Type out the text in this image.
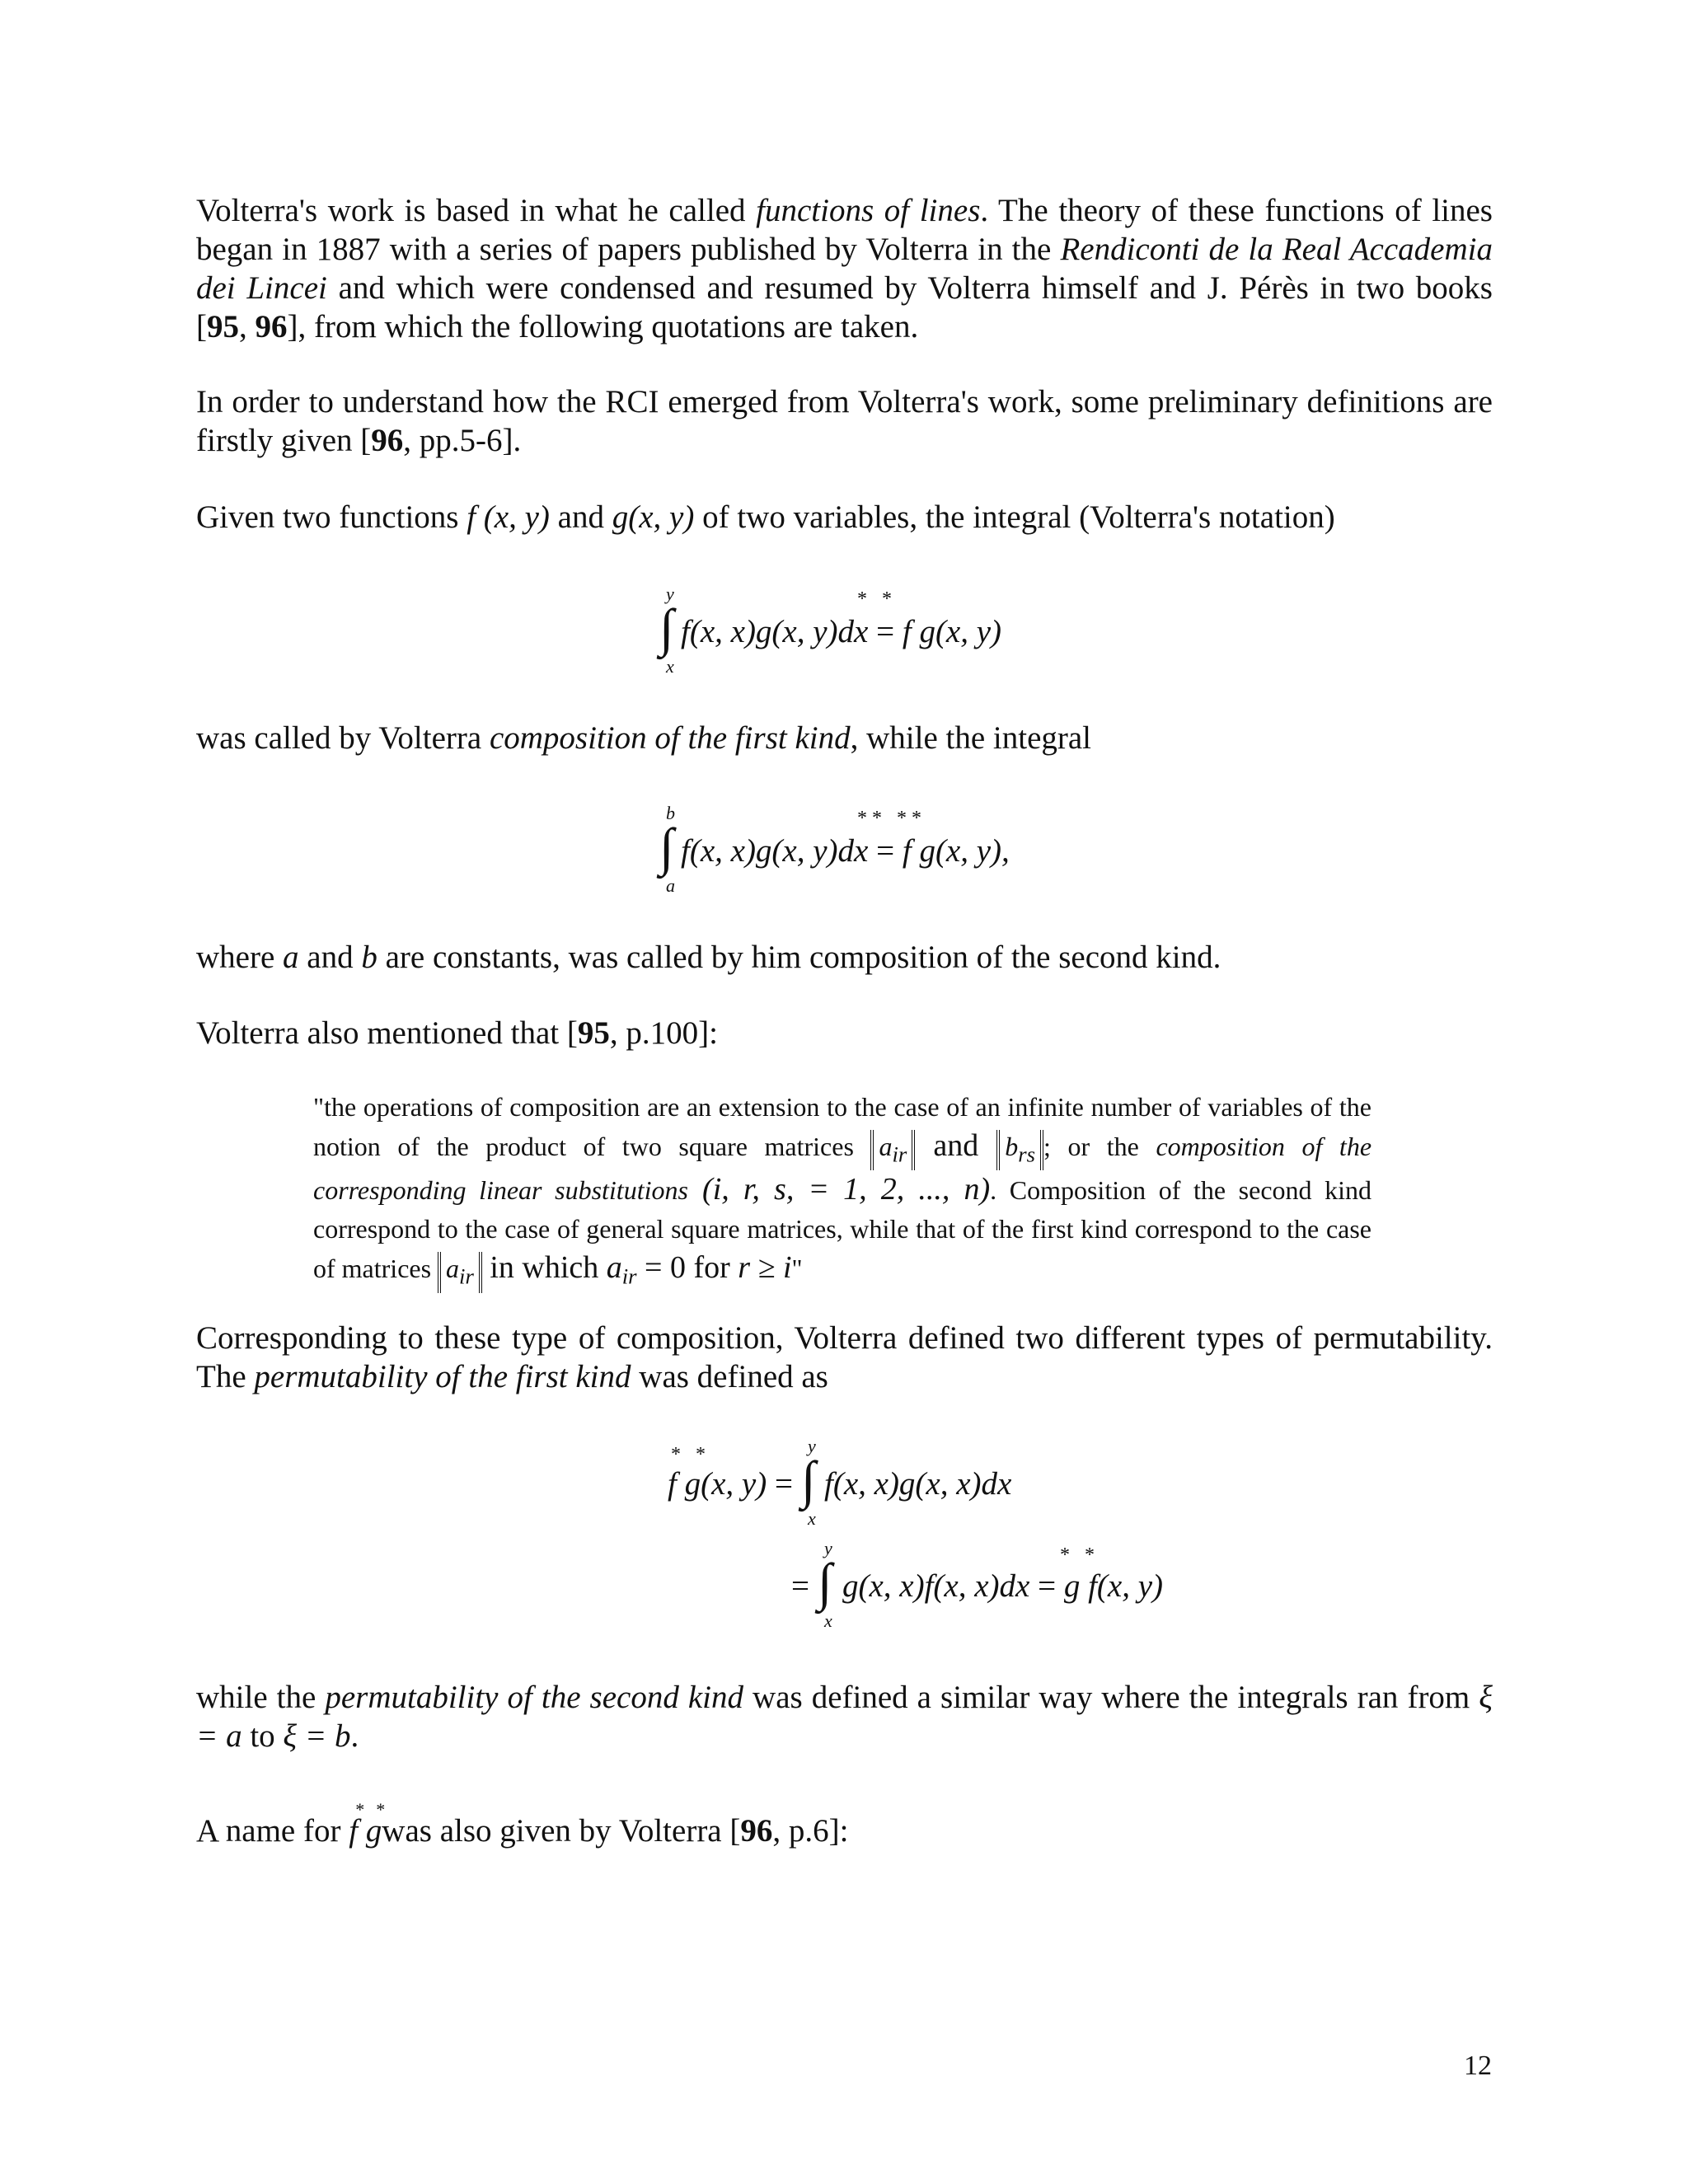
Volterra's work is based in what he called functions of lines. The theory of these functions of lines began in 1887 with a series of papers published by Volterra in the Rendiconti de la Real Accademia dei Lincei and which were condensed and resumed by Volterra himself and J. Pérès in two books [95, 96], from which the following quotations are taken.

In order to understand how the RCI emerged from Volterra's work, some preliminary definitions are firstly given [96, pp.5-6].

Given two functions f (x, y) and g(x, y) of two variables, the integral (Volterra's notation)

y
∫
x
* *
f(x, x)g(x, y)dx = f g(x, y)

was called by Volterra composition of the first kind, while the integral

b
∫
a
** **
f(x, x)g(x, y)dx = f g(x, y),

where a and b are constants, was called by him composition of the second kind.

Volterra also mentioned that [95, p.100]:

"the operations of composition are an extension to the case of an infinite number of variables of the notion of the product of two square matrices $a_{ir}$ and $b_{rs}$ ; or the composition of the corresponding linear substitutions (i, r, s, = 1, 2, ..., n). Composition of the second kind correspond to the case of general square matrices, while that of the first kind correspond to the case of matrices $a_{ir}$ in which $a_{ir} = 0$ for r ≥ i"

Corresponding to these type of composition, Volterra defined two different types of permutability. The permutability of the first kind was defined as

* *
f g(x, y) =
y
∫
x
f(x, x)g(x, x)dx
=
y
∫
x
* *
g(x, x)f(x, x)dx = g f(x, y)

while the permutability of the second kind was defined a similar way where the integrals ran from ξ = a to ξ = b.

A name for
**
f gwas also given by Volterra [96, p.6]:

12
